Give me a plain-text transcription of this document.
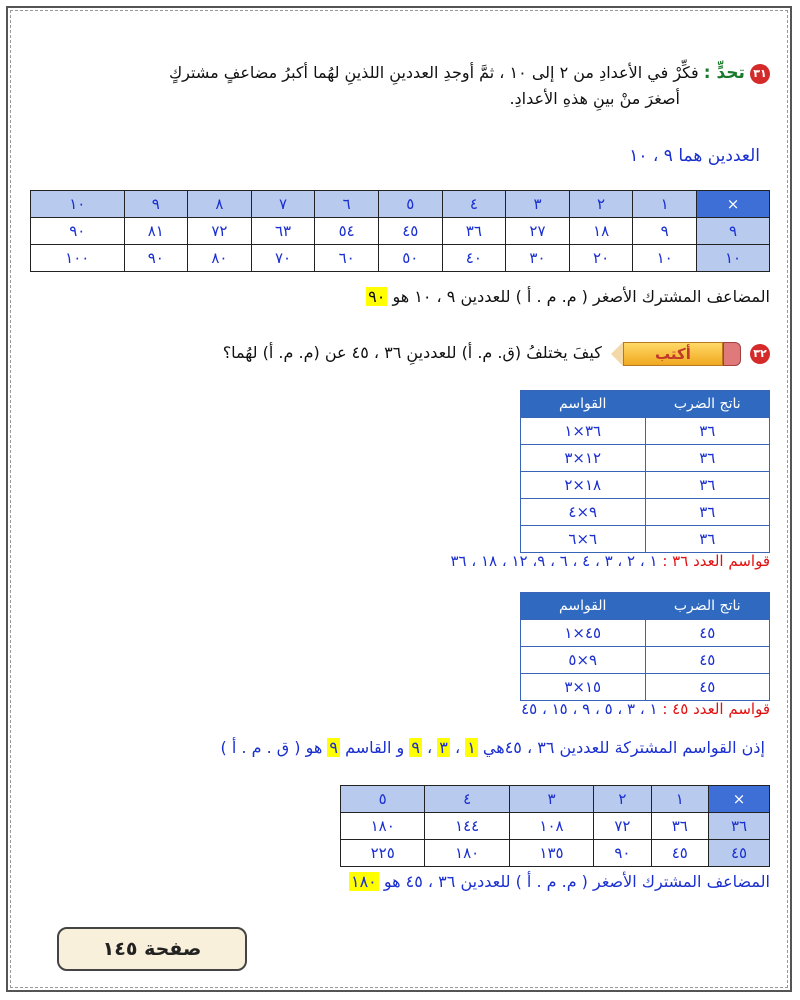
٣١ تحدٍّ : فكِّرْ في الأعدادِ من ٢ إلى ١٠ ، ثمَّ أوجدِ العددينِ اللذينِ لهُما أكبرُ مضاعفٍ مشتركٍ
أصغرَ منْ بينِ هذهِ الأعدادِ.
العددين هما ٩ ، ١٠
×	١	٢	٣	٤	٥	٦	٧	٨	٩	١٠
٩	٩	١٨	٢٧	٣٦	٤٥	٥٤	٦٣	٧٢	٨١	٩٠
١٠	١٠	٢٠	٣٠	٤٠	٥٠	٦٠	٧٠	٨٠	٩٠	١٠٠
المضاعف المشترك الأصغر ( م. م . أ ) للعددين ٩ ، ١٠ هو ٩٠
٣٢
أكتب
كيفَ يختلفُ (ق. م. أ) للعددينِ ٣٦ ، ٤٥ عن (م. م. أ) لهُما؟
ناتج الضرب	القواسم
٣٦	٣٦×١
٣٦	١٢×٣
٣٦	١٨×٢
٣٦	٩×٤
٣٦	٦×٦
قواسم العدد ٣٦ : ١ ، ٢ ، ٣ ، ٤ ، ٦ ، ٩، ١٢ ، ١٨ ، ٣٦
ناتج الضرب	القواسم
٤٥	٤٥×١
٤٥	٩×٥
٤٥	١٥×٣
قواسم العدد ٤٥ : ١ ، ٣ ، ٥ ، ٩ ، ١٥ ، ٤٥
إذن القواسم المشتركة للعددين ٣٦ ، ٤٥هي ١ ، ٣ ، ٩ و القاسم ٩ هو ( ق . م . أ )
×	١	٢	٣	٤	٥
٣٦	٣٦	٧٢	١٠٨	١٤٤	١٨٠
٤٥	٤٥	٩٠	١٣٥	١٨٠	٢٢٥
المضاعف المشترك الأصغر ( م. م . أ ) للعددين ٣٦ ، ٤٥ هو ١٨٠
صفحة ١٤٥
